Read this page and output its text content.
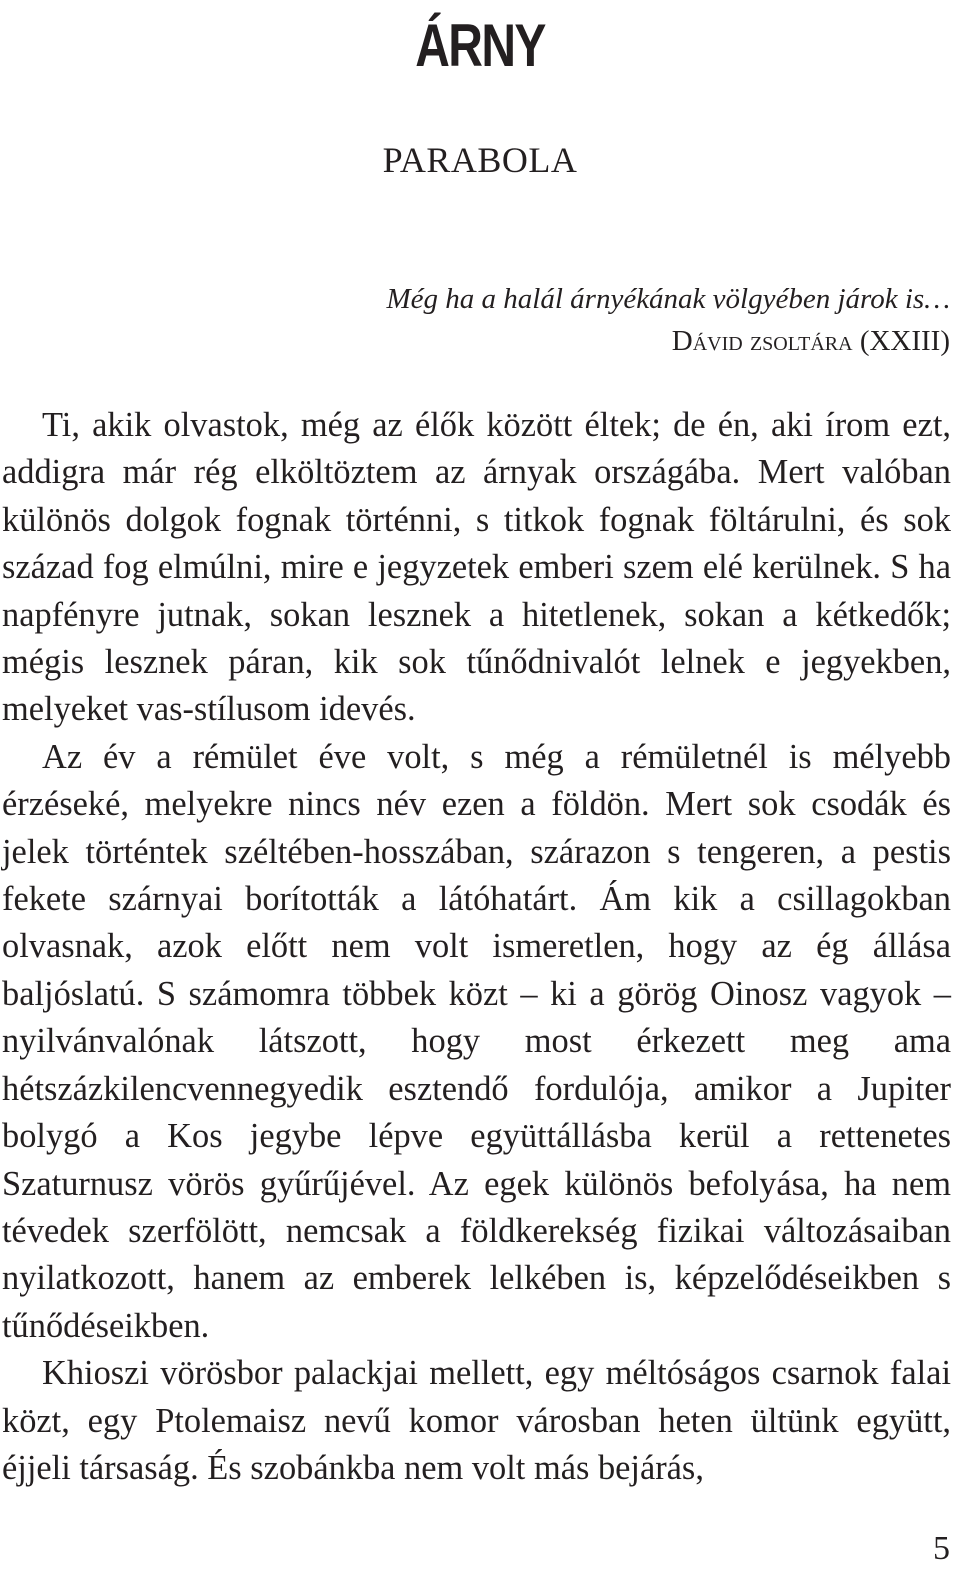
ÁRNY
PARABOLA
Még ha a halál árnyékának völgyében járok is…
Dávid zsoltára (XXIII)

Ti, akik olvastok, még az élők között éltek; de én, aki írom ezt, addigra már rég elköltöztem az árnyak országába. Mert valóban különös dolgok fognak történni, s titkok fognak föltárulni, és sok század fog elmúlni, mire e jegyzetek emberi szem elé kerülnek. S ha napfényre jutnak, sokan lesznek a hitetlenek, sokan a kétkedők; mégis lesznek páran, kik sok tűnődnivalót lelnek e jegyekben, melyeket vas-stílusom idevés.

Az év a rémület éve volt, s még a rémületnél is mélyebb érzéseké, melyekre nincs név ezen a földön. Mert sok csodák és jelek történtek széltében-hosszában, szárazon s tengeren, a pestis fekete szárnyai borították a látóhatárt. Ám kik a csillagokban olvasnak, azok előtt nem volt ismeretlen, hogy az ég állása baljóslatú. S számomra többek közt – ki a görög Oinosz vagyok – nyilvánvalónak látszott, hogy most érkezett meg ama hétszázkilencvennegyedik esztendő fordulója, amikor a Jupiter bolygó a Kos jegybe lépve együttállásba kerül a rettenetes Szaturnusz vörös gyűrűjével. Az egek különös befolyása, ha nem tévedek szerfölött, nemcsak a földkerekség fizikai változásaiban nyilatkozott, hanem az emberek lelkében is, képzelődéseikben s tűnődéseikben.

Khioszi vörösbor palackjai mellett, egy méltóságos csarnok falai közt, egy Ptolemaisz nevű komor városban heten ültünk együtt, éjjeli társaság. És szobánkba nem volt más bejárás,

5
